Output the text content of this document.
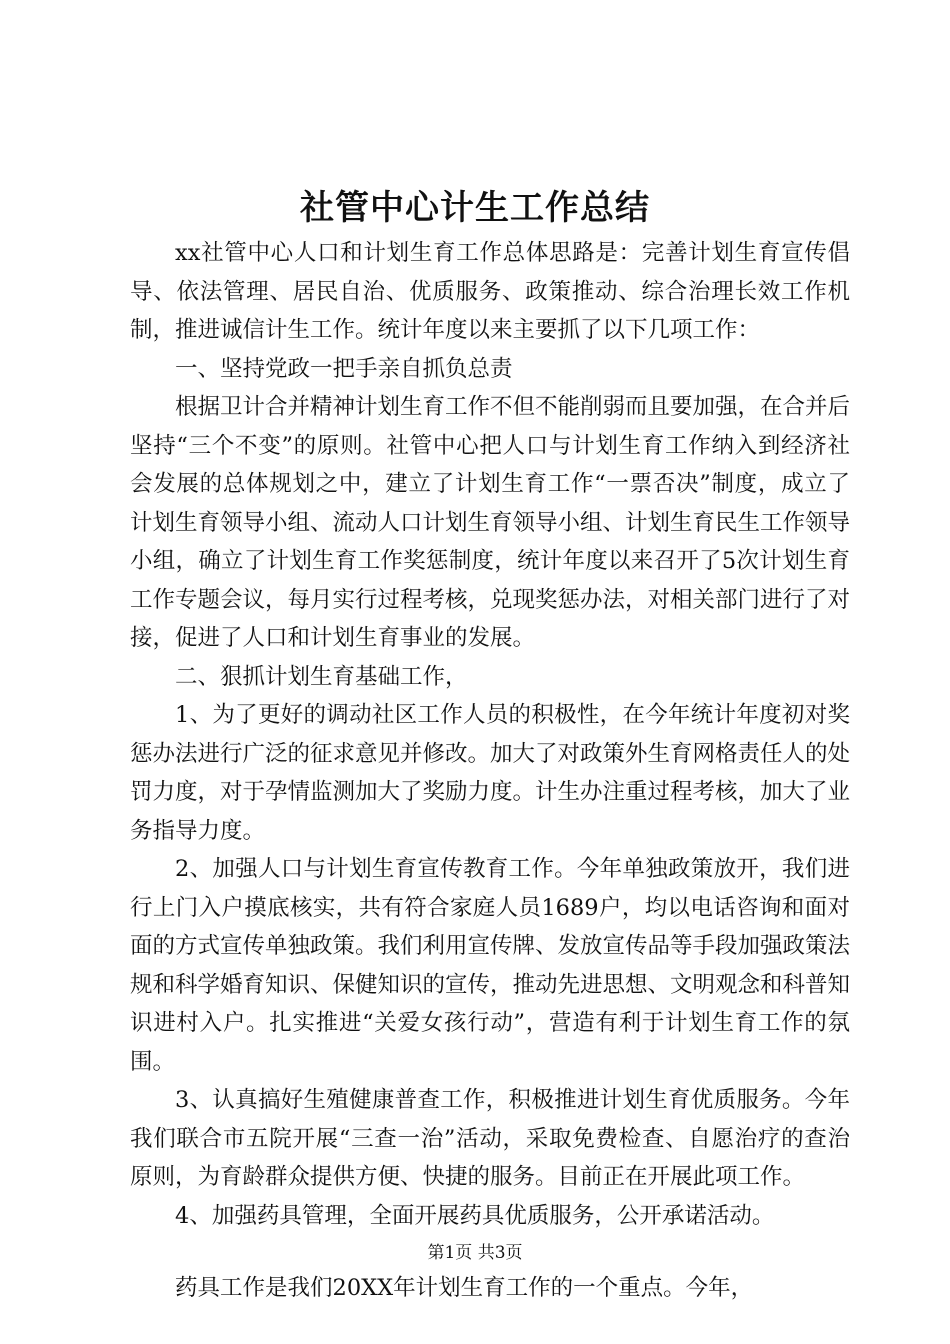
社管中心计生工作总结

xx社管中心人口和计划生育工作总体思路是：完善计划生育宣传倡导、依法管理、居民自治、优质服务、政策推动、综合治理长效工作机制，推进诚信计生工作。统计年度以来主要抓了以下几项工作：

一、坚持党政一把手亲自抓负总责

根据卫计合并精神计划生育工作不但不能削弱而且要加强，在合并后坚持“三个不变”的原则。社管中心把人口与计划生育工作纳入到经济社会发展的总体规划之中，建立了计划生育工作“一票否决”制度，成立了计划生育领导小组、流动人口计划生育领导小组、计划生育民生工作领导小组，确立了计划生育工作奖惩制度，统计年度以来召开了5次计划生育工作专题会议，每月实行过程考核，兑现奖惩办法，对相关部门进行了对接，促进了人口和计划生育事业的发展。

二、狠抓计划生育基础工作，

1、为了更好的调动社区工作人员的积极性，在今年统计年度初对奖惩办法进行广泛的征求意见并修改。加大了对政策外生育网格责任人的处罚力度，对于孕情监测加大了奖励力度。计生办注重过程考核，加大了业务指导力度。

2、加强人口与计划生育宣传教育工作。今年单独政策放开，我们进行上门入户摸底核实，共有符合家庭人员1689户，均以电话咨询和面对面的方式宣传单独政策。我们利用宣传牌、发放宣传品等手段加强政策法规和科学婚育知识、保健知识的宣传，推动先进思想、文明观念和科普知识进村入户。扎实推进“关爱女孩行动”，营造有利于计划生育工作的氛围。

3、认真搞好生殖健康普查工作，积极推进计划生育优质服务。今年我们联合市五院开展“三查一治”活动，采取免费检查、自愿治疗的查治原则，为育龄群众提供方便、快捷的服务。目前正在开展此项工作。

4、加强药具管理，全面开展药具优质服务，公开承诺活动。

药具工作是我们20XX年计划生育工作的一个重点。今年，

第1页 共3页
